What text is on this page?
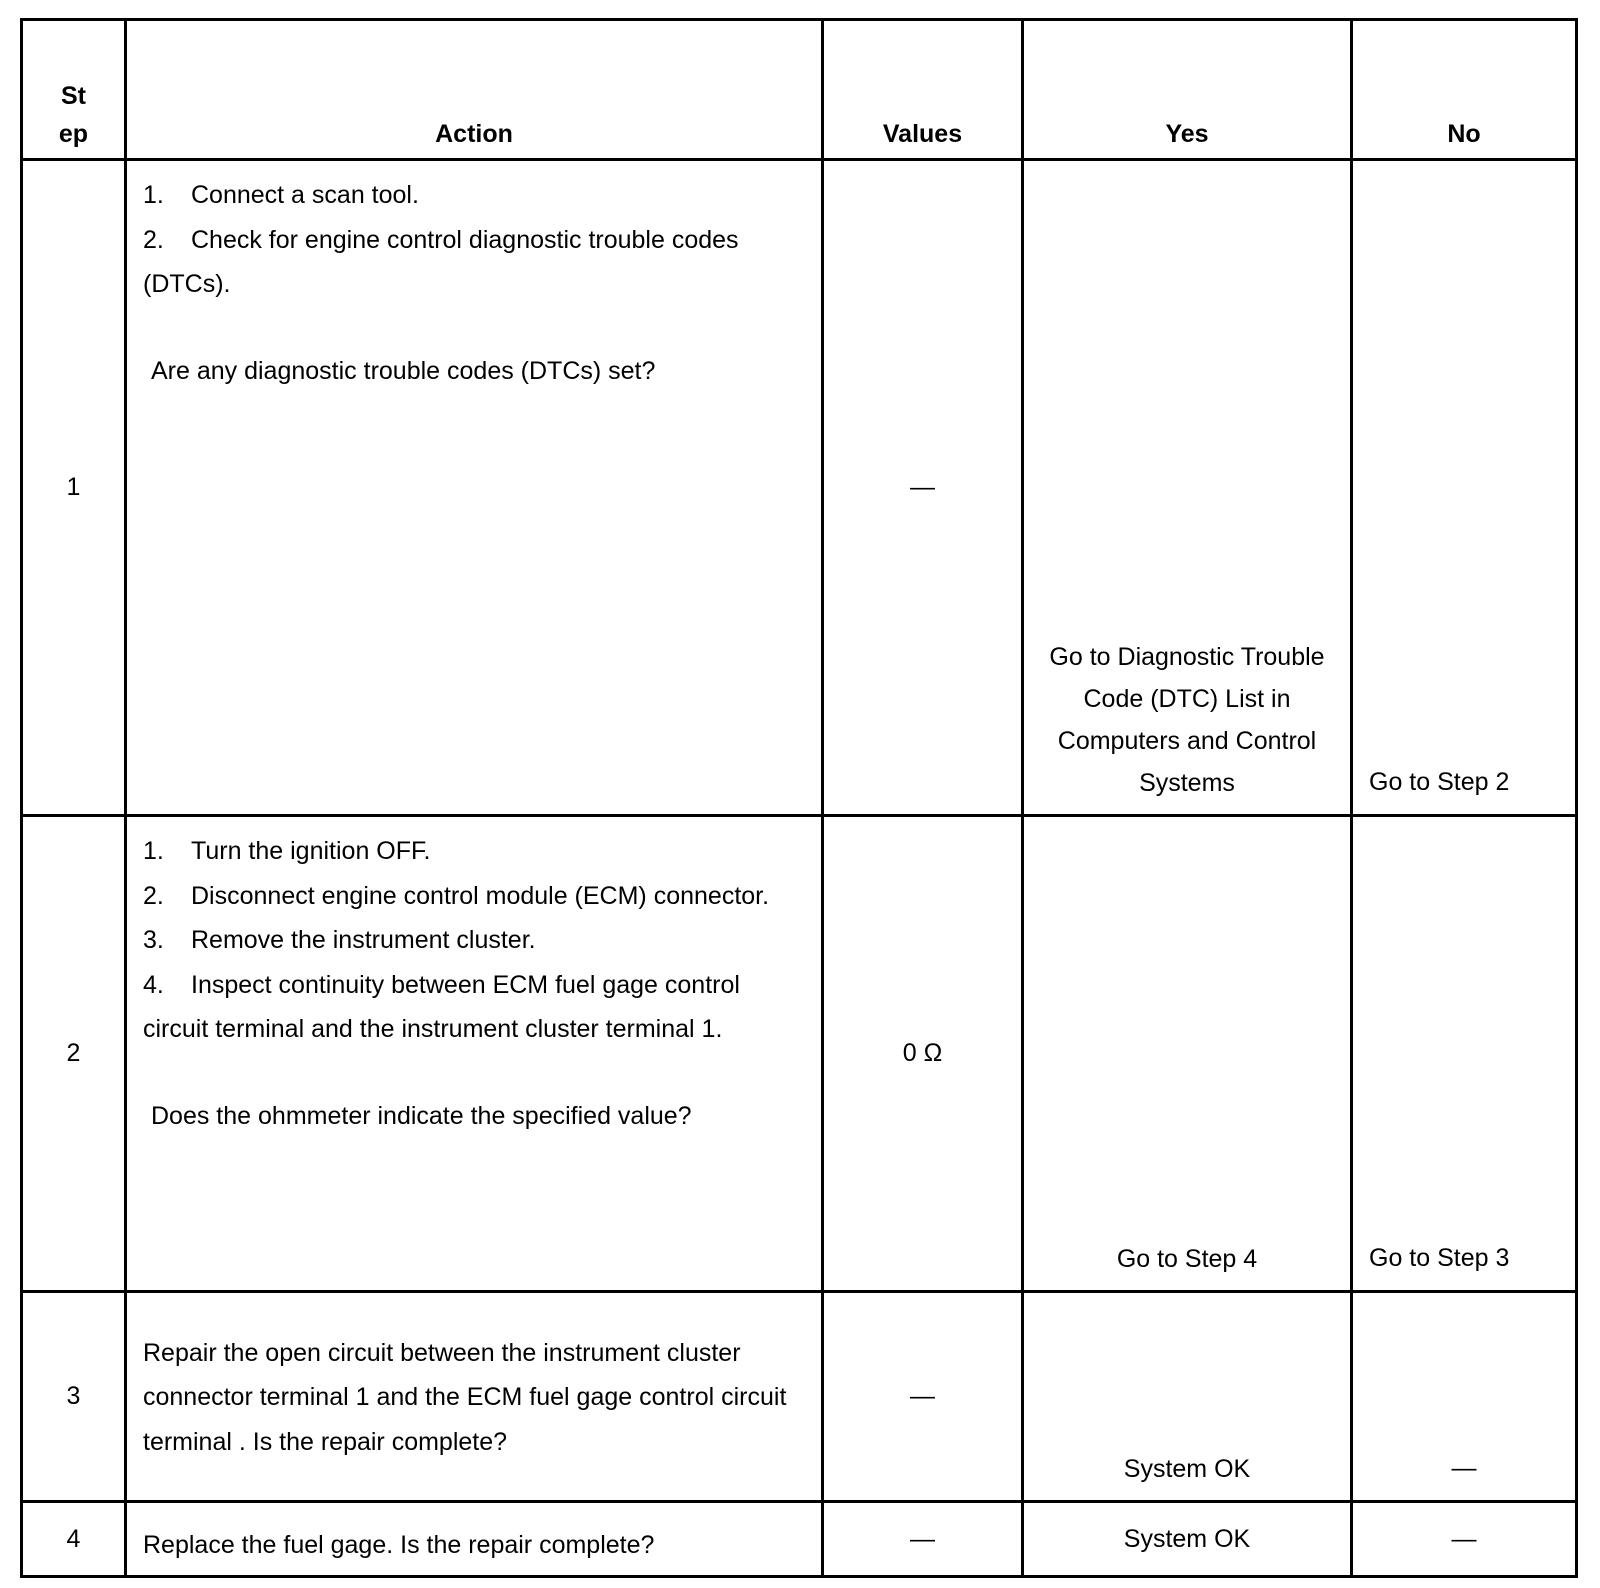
St
ep	Action	Values	Yes	No
1	1. Connect a scan tool.
2. Check for engine control diagnostic trouble codes (DTCs).
Are any diagnostic trouble codes (DTCs) set?	—	Go to Diagnostic Trouble Code (DTC) List in Computers and Control Systems	Go to Step 2
2	1. Turn the ignition OFF.
2. Disconnect engine control module (ECM) connector.
3. Remove the instrument cluster.
4. Inspect continuity between ECM fuel gage control circuit terminal and the instrument cluster terminal 1.
Does the ohmmeter indicate the specified value?	0 Ω	Go to Step 4	Go to Step 3
3	Repair the open circuit between the instrument cluster connector terminal 1 and the ECM fuel gage control circuit terminal . Is the repair complete?	—	System OK	—
4	Replace the fuel gage. Is the repair complete?	—	System OK	—
